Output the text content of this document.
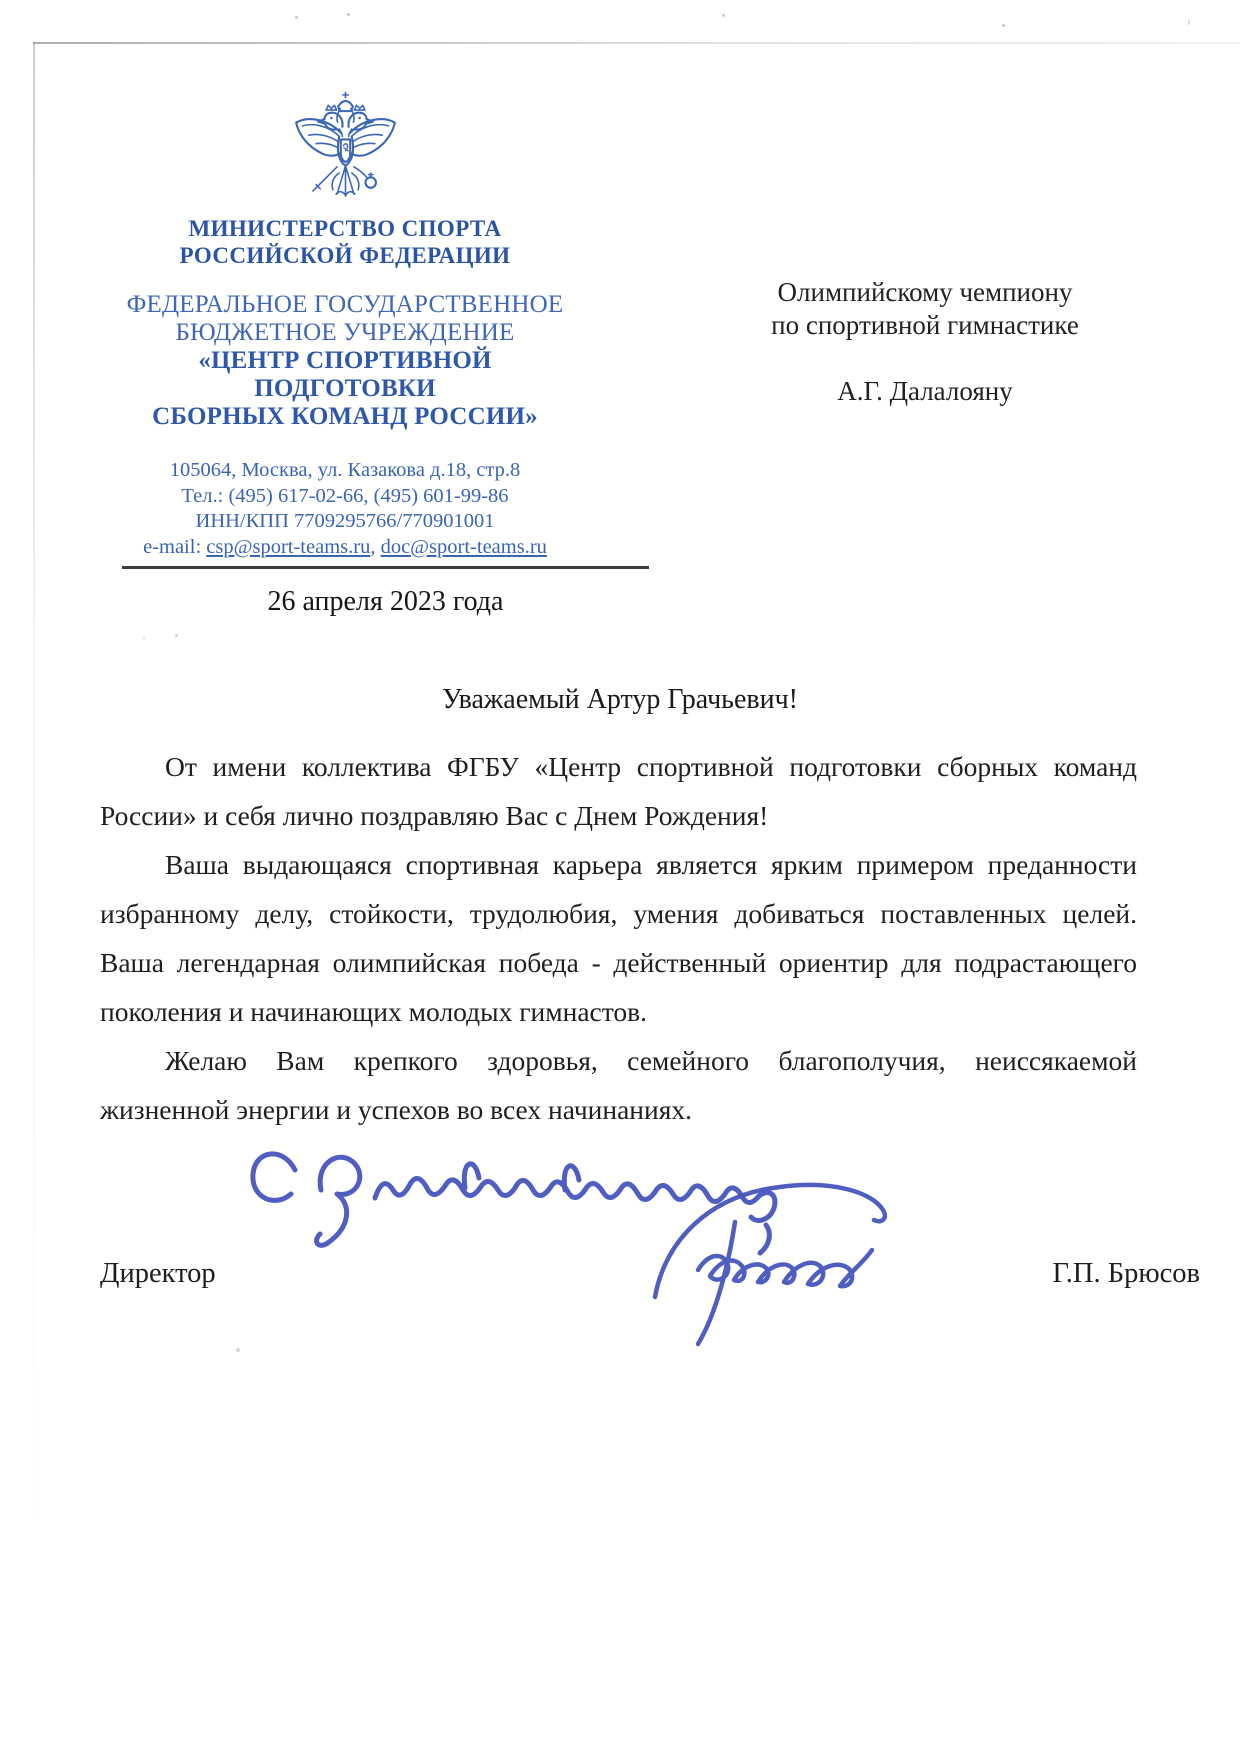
МИНИСТЕРСТВО СПОРТА
РОССИЙСКОЙ ФЕДЕРАЦИИ
ФЕДЕРАЛЬНОЕ ГОСУДАРСТВЕННОЕ
БЮДЖЕТНОЕ УЧРЕЖДЕНИЕ
«ЦЕНТР СПОРТИВНОЙ ПОДГОТОВКИ
СБОРНЫХ КОМАНД РОССИИ»
105064, Москва, ул. Казакова д.18, стр.8
Тел.: (495) 617-02-66, (495) 601-99-86
ИНН/КПП 7709295766/770901001
e-mail: csp@sport-teams.ru, doc@sport-teams.ru
26 апреля 2023 года
Олимпийскому чемпиону
по спортивной гимнастике
А.Г. Далалояну
Уважаемый Артур Грачьевич!

От имени коллектива ФГБУ «Центр спортивной подготовки сборных команд России» и себя лично поздравляю Вас с Днем Рождения!

Ваша выдающаяся спортивная карьера является ярким примером преданности избранному делу, стойкости, трудолюбия, умения добиваться поставленных целей. Ваша легендарная олимпийская победа - действенный ориентир для подрастающего поколения и начинающих молодых гимнастов.

Желаю Вам крепкого здоровья, семейного благополучия, неиссякаемой жизненной энергии и успехов во всех начинаниях.

Директор	Г.П. Брюсов
